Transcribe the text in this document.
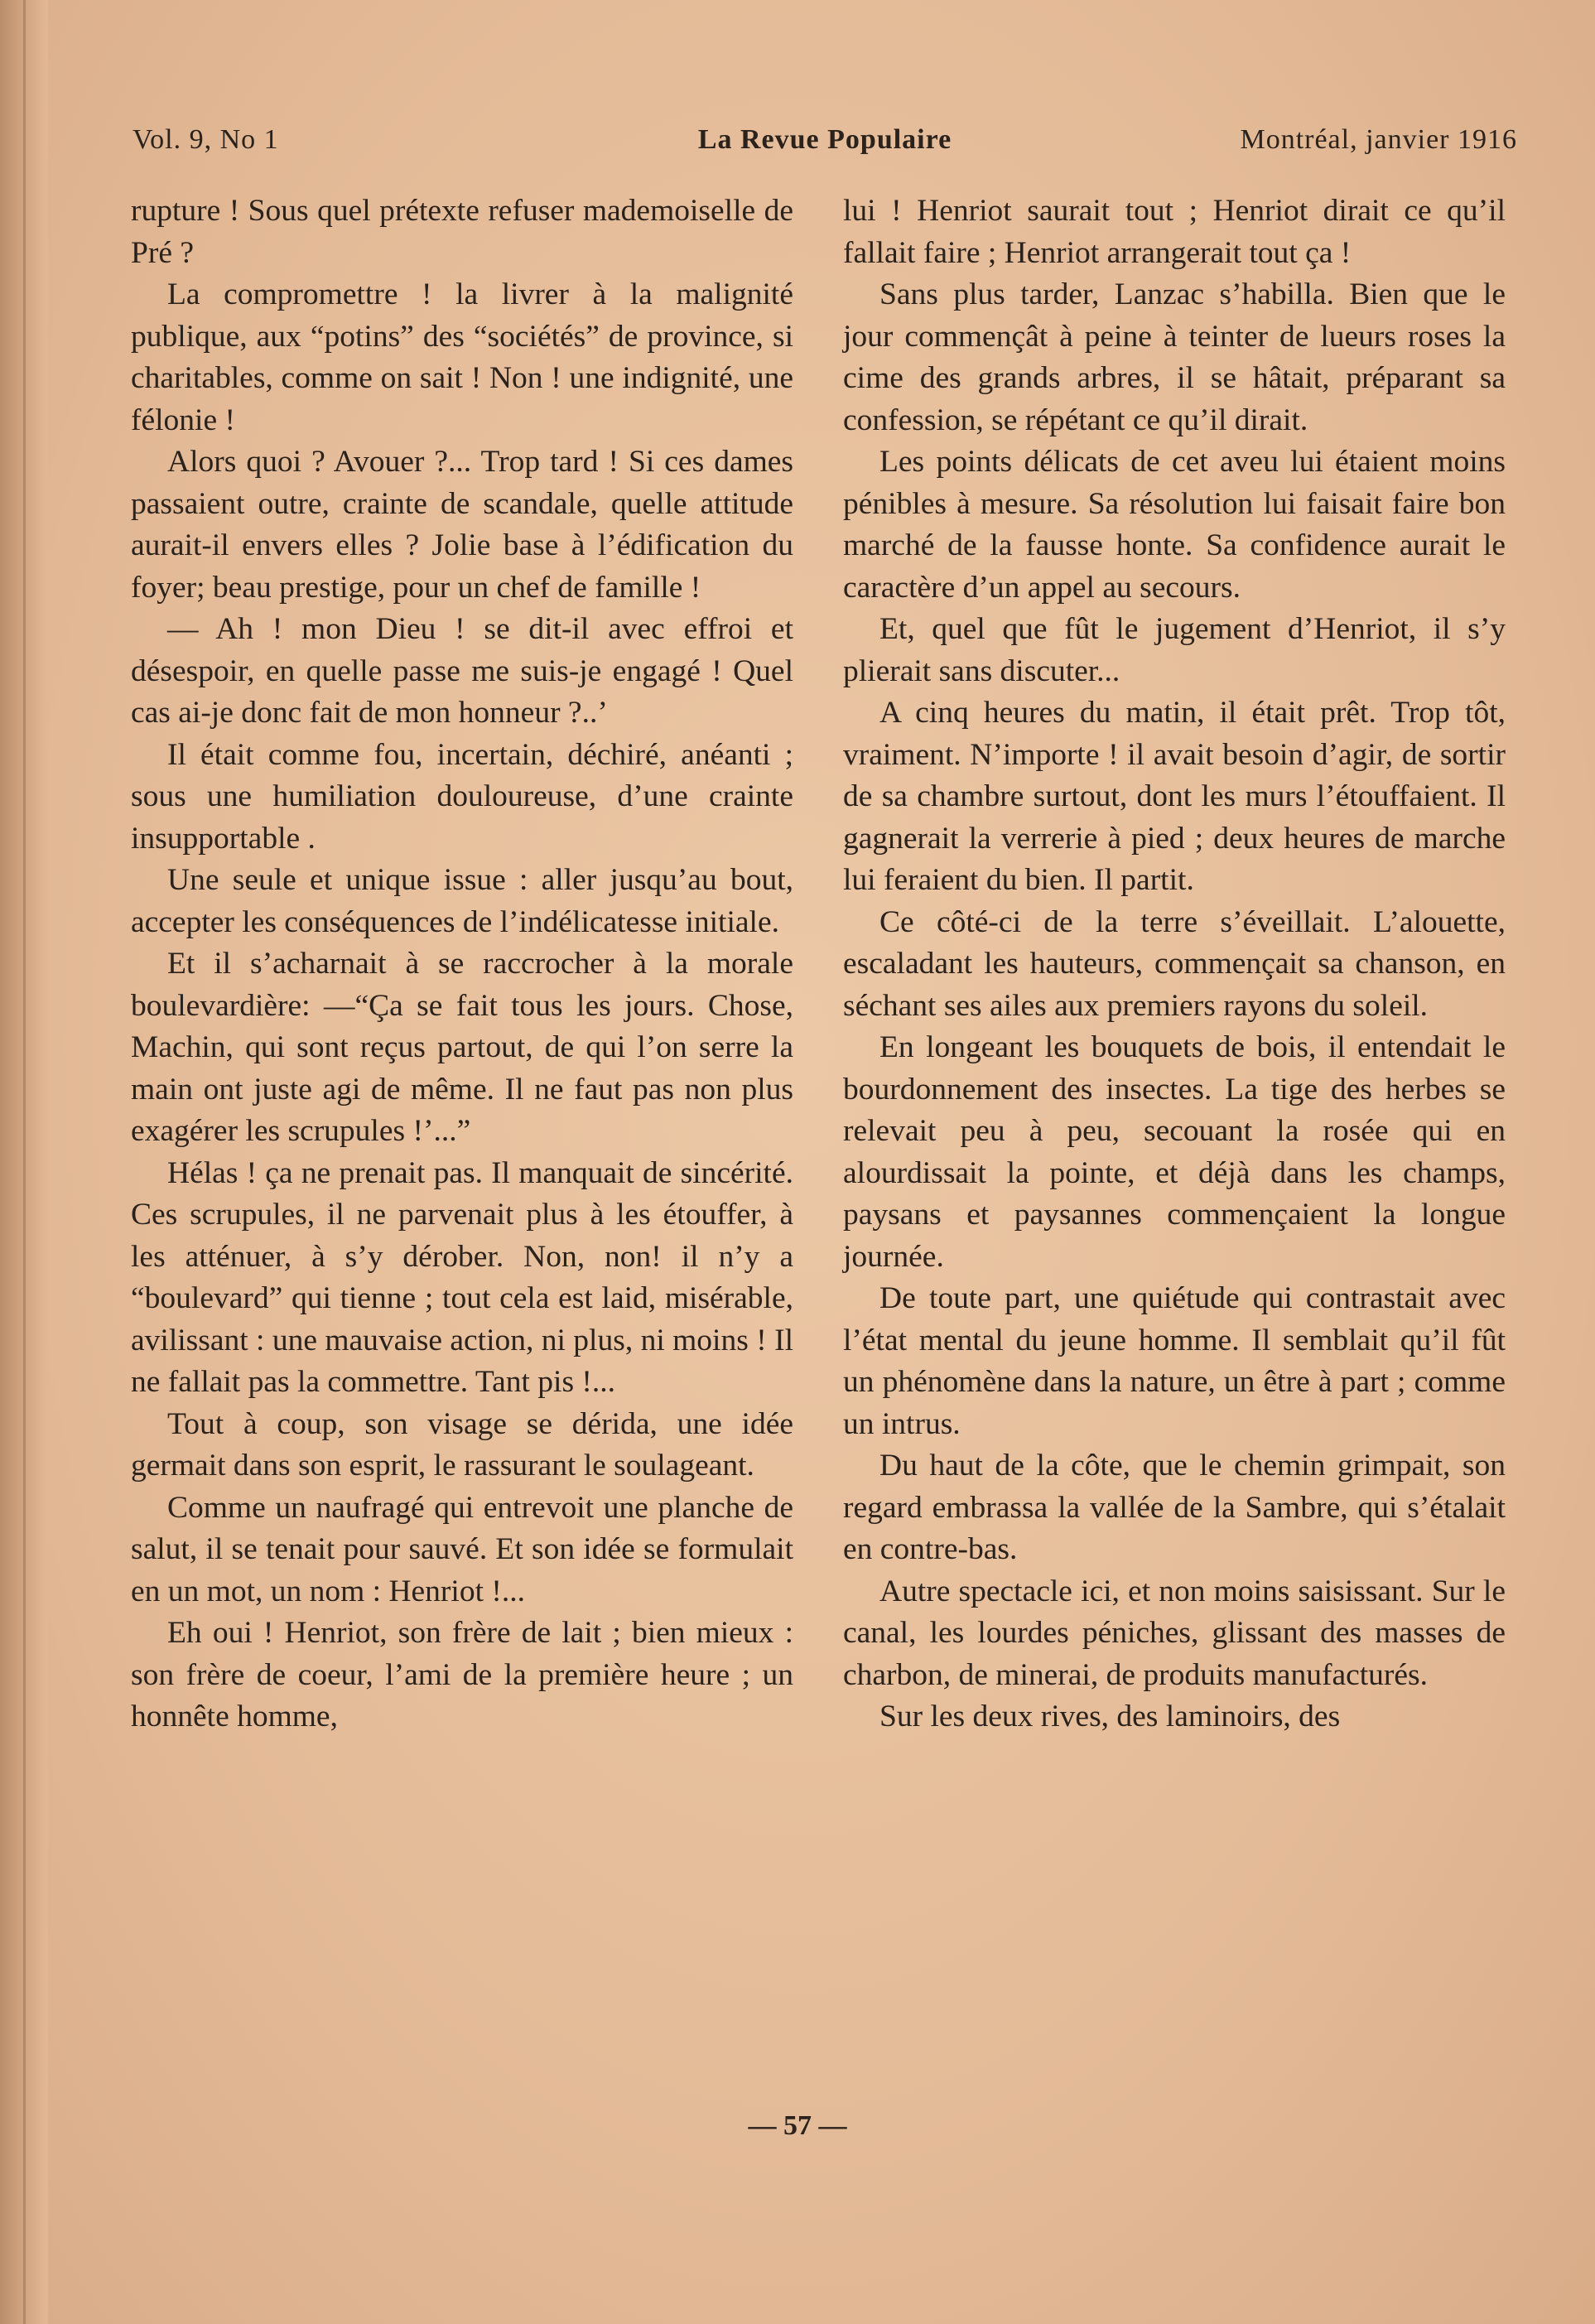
Vol. 9, No 1	La Revue Populaire	Montréal, janvier 1916

rupture ! Sous quel prétexte refuser mademoiselle de Pré ?

La compromettre ! la livrer à la malignité publique, aux “potins” des “sociétés” de province, si charitables, comme on sait ! Non ! une indignité, une félonie !

Alors quoi ? Avouer ?... Trop tard ! Si ces dames passaient outre, crainte de scandale, quelle attitude aurait-il envers elles ? Jolie base à l’édification du foyer; beau prestige, pour un chef de famille !

— Ah ! mon Dieu ! se dit-il avec effroi et désespoir, en quelle passe me suis-je engagé ! Quel cas ai-je donc fait de mon honneur ?..’

Il était comme fou, incertain, déchiré, anéanti ; sous une humiliation douloureuse, d’une crainte insupportable .

Une seule et unique issue : aller jusqu’au bout, accepter les conséquences de l’indélicatesse initiale.

Et il s’acharnait à se raccrocher à la morale boulevardière: —“Ça se fait tous les jours. Chose, Machin, qui sont reçus partout, de qui l’on serre la main ont juste agi de même. Il ne faut pas non plus exagérer les scrupules !’...”

Hélas ! ça ne prenait pas. Il manquait de sincérité. Ces scrupules, il ne parvenait plus à les étouffer, à les atténuer, à s’y dérober. Non, non! il n’y a “boulevard” qui tienne ; tout cela est laid, misérable, avilissant : une mauvaise action, ni plus, ni moins ! Il ne fallait pas la commettre. Tant pis !...

Tout à coup, son visage se dérida, une idée germait dans son esprit, le rassurant le soulageant.

Comme un naufragé qui entrevoit une planche de salut, il se tenait pour sauvé. Et son idée se formulait en un mot, un nom : Henriot !...

Eh oui ! Henriot, son frère de lait ; bien mieux : son frère de coeur, l’ami de la première heure ; un honnête homme,

lui ! Henriot saurait tout ; Henriot dirait ce qu’il fallait faire ; Henriot arrangerait tout ça !

Sans plus tarder, Lanzac s’habilla. Bien que le jour commençât à peine à teinter de lueurs roses la cime des grands arbres, il se hâtait, préparant sa confession, se répétant ce qu’il dirait.

Les points délicats de cet aveu lui étaient moins pénibles à mesure. Sa résolution lui faisait faire bon marché de la fausse honte. Sa confidence aurait le caractère d’un appel au secours.

Et, quel que fût le jugement d’Henriot, il s’y plierait sans discuter...

A cinq heures du matin, il était prêt. Trop tôt, vraiment. N’importe ! il avait besoin d’agir, de sortir de sa chambre surtout, dont les murs l’étouffaient. Il gagnerait la verrerie à pied ; deux heures de marche lui feraient du bien. Il partit.

Ce côté-ci de la terre s’éveillait. L’alouette, escaladant les hauteurs, commençait sa chanson, en séchant ses ailes aux premiers rayons du soleil.

En longeant les bouquets de bois, il entendait le bourdonnement des insectes. La tige des herbes se relevait peu à peu, secouant la rosée qui en alourdissait la pointe, et déjà dans les champs, paysans et paysannes commençaient la longue journée.

De toute part, une quiétude qui contrastait avec l’état mental du jeune homme. Il semblait qu’il fût un phénomène dans la nature, un être à part ; comme un intrus.

Du haut de la côte, que le chemin grimpait, son regard embrassa la vallée de la Sambre, qui s’étalait en contre-bas.

Autre spectacle ici, et non moins saisissant. Sur le canal, les lourdes péniches, glissant des masses de charbon, de minerai, de produits manufacturés.

Sur les deux rives, des laminoirs, des

— 57 —
